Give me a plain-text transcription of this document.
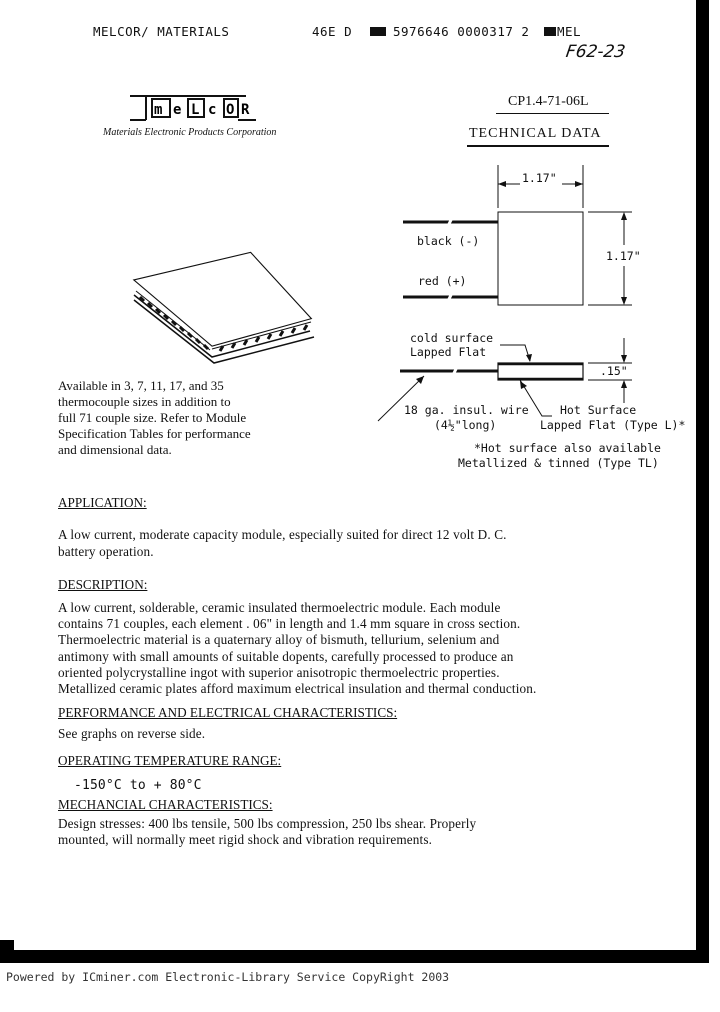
MELCOR/ MATERIALS	46E D	5976646 0000317 2 MEL
F62-23
m e L c O R
Materials Electronic Products Corporation
CP1.4-71-06L
TECHNICAL DATA
Available in 3, 7, 11, 17, and 35
thermocouple sizes in addition to
full 71 couple size. Refer to Module
Specification Tables for performance
and dimensional data.
1.17"
1.17"
black (-)
red (+)
cold surface
Lapped Flat
.15"
18 ga. insul. wire
(4½"long)
Hot Surface
Lapped Flat (Type L)*
*Hot surface also available
Metallized & tinned (Type TL)
APPLICATION:
A low current, moderate capacity module, especially suited for direct 12 volt D. C.
battery operation.
DESCRIPTION:
A low current, solderable, ceramic insulated thermoelectric module. Each module
contains 71 couples, each element . 06" in length and 1.4 mm square in cross section.
Thermoelectric material is a quaternary alloy of bismuth, tellurium, selenium and
antimony with small amounts of suitable dopents, carefully processed to produce an
oriented polycrystalline ingot with superior anisotropic thermoelectric properties.
Metallized ceramic plates afford maximum electrical insulation and thermal conduction.
PERFORMANCE AND ELECTRICAL CHARACTERISTICS:
See graphs on reverse side.
OPERATING TEMPERATURE RANGE:
-150°C to + 80°C
MECHANCIAL CHARACTERISTICS:
Design stresses: 400 lbs tensile, 500 lbs compression, 250 lbs shear. Properly
mounted, will normally meet rigid shock and vibration requirements.
Powered by ICminer.com Electronic-Library Service CopyRight 2003
